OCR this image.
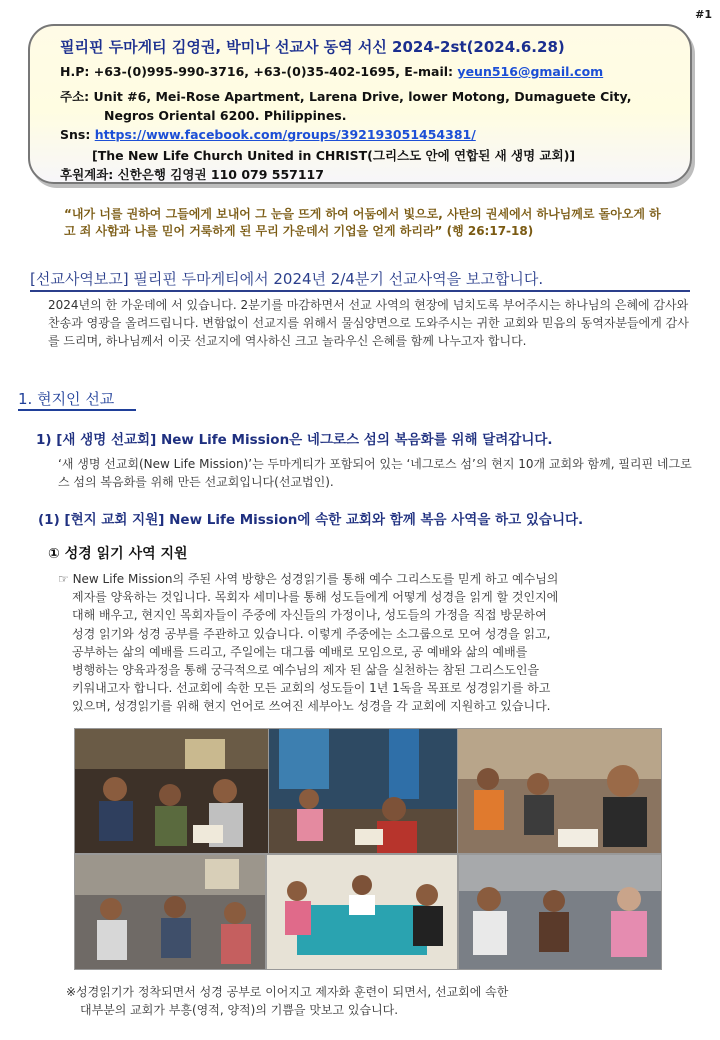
#1
필리핀 두마게티 김영권, 박미나 선교사 동역 서신 2024-2st(2024.6.28)
H.P: +63-(0)995-990-3716, +63-(0)35-402-1695, E-mail: yeun516@gmail.com
주소: Unit #6, Mei-Rose Apartment, Larena Drive, lower Motong, Dumaguete City,
Negros Oriental 6200. Philippines.
Sns: https://www.facebook.com/groups/392193051454381/
[The New Life Church United in CHRIST(그리스도 안에 연합된 새 생명 교회)]
후원계좌: 신한은행 김영권 110 079 557117
“내가 너를 권하여 그들에게 보내어 그 눈을 뜨게 하여 어둠에서 빛으로, 사탄의 권세에서 하나님께로 돌아오게 하고 죄 사함과 나를 믿어 거룩하게 된 무리 가운데서 기업을 얻게 하리라” (행 26:17-18)
[선교사역보고] 필리핀 두마게티에서 2024년 2/4분기 선교사역을 보고합니다.
2024년의 한 가운데에 서 있습니다. 2분기를 마감하면서 선교 사역의 현장에 넘치도록 부어주시는 하나님의 은혜에 감사와 찬송과 영광을 올려드립니다. 변함없이 선교지를 위해서 물심양면으로 도와주시는 귀한 교회와 믿음의 동역자분들에게 감사를 드리며, 하나님께서 이곳 선교지에 역사하신 크고 놀라우신 은혜를 함께 나누고자 합니다.
1. 현지인 선교
1) [새 생명 선교회] New Life Mission은 네그로스 섬의 복음화를 위해 달려갑니다.
‘새 생명 선교회(New Life Mission)’는 두마게티가 포함되어 있는 ‘네그로스 섬’의 현지 10개 교회와 함께, 필리핀 네그로스 섬의 복음화를 위해 만든 선교회입니다(선교법인).
(1) [현지 교회 지원] New Life Mission에 속한 교회와 함께 복음 사역을 하고 있습니다.
① 성경 읽기 사역 지원
☞ New Life Mission의 주된 사역 방향은 성경읽기를 통해 예수 그리스도를 믿게 하고 예수님의
제자를 양육하는 것입니다. 목회자 세미나를 통해 성도들에게 어떻게 성경을 읽게 할 것인지에
대해 배우고, 현지인 목회자들이 주중에 자신들의 가정이나, 성도들의 가정을 직접 방문하여
성경 읽기와 성경 공부를 주관하고 있습니다. 이렇게 주중에는 소그룹으로 모여 성경을 읽고,
공부하는 삶의 예배를 드리고, 주일에는 대그룹 예배로 모임으로, 공 예배와 삶의 예배를
병행하는 양육과정을 통해 궁극적으로 예수님의 제자 된 삶을 실천하는 참된 그리스도인을
키워내고자 합니다. 선교회에 속한 모든 교회의 성도들이 1년 1독을 목표로 성경읽기를 하고
있으며, 성경읽기를 위해 현지 언어로 쓰여진 세부아노 성경을 각 교회에 지원하고 있습니다.
※성경읽기가 정착되면서 성경 공부로 이어지고 제자화 훈련이 되면서, 선교회에 속한
대부분의 교회가 부흥(영적, 양적)의 기쁨을 맛보고 있습니다.
